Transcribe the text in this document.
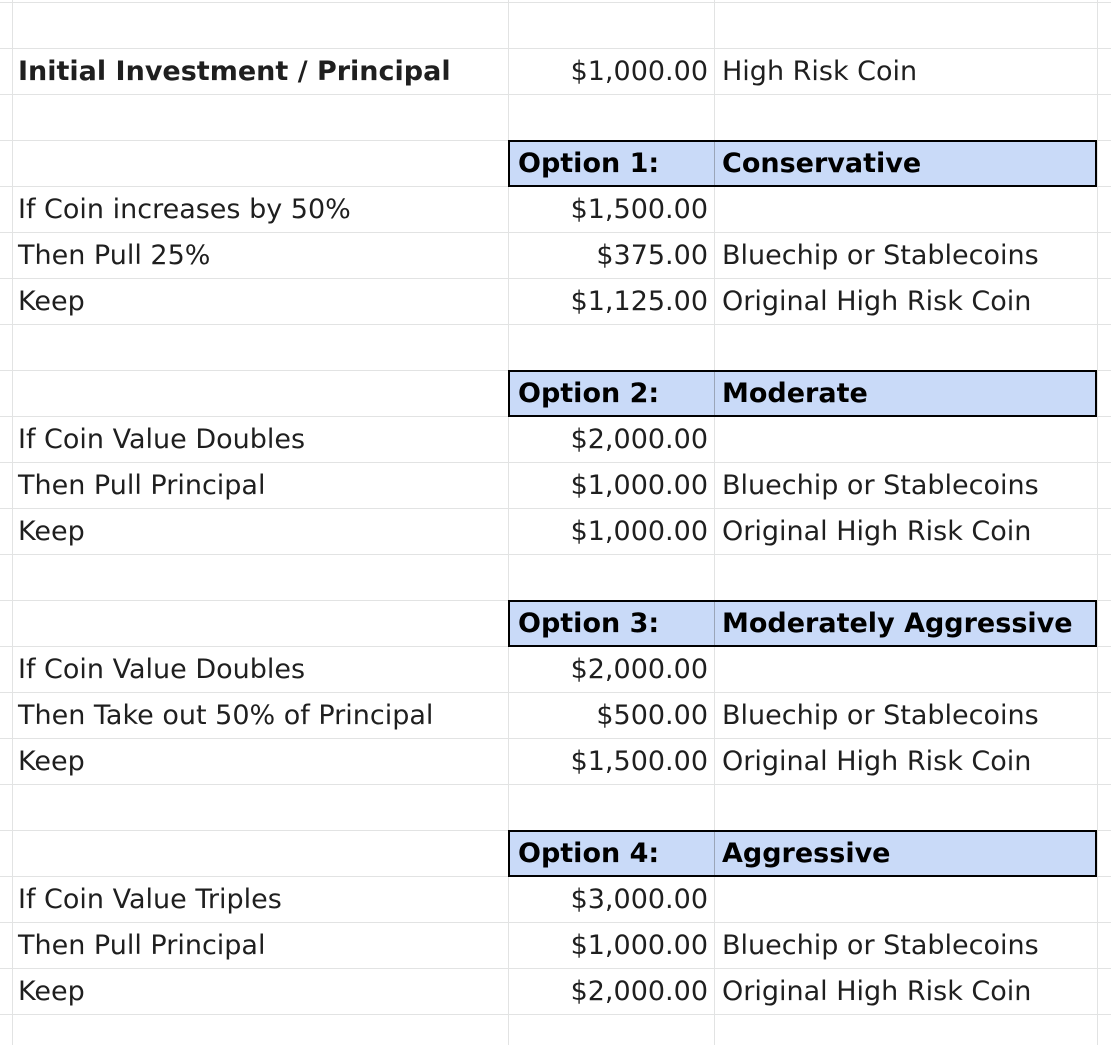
Initial Investment / Principal	$1,000.00 High Risk Coin
Option 1: Conservative
If Coin increases by 50%	$1,500.00
Then Pull 25%	$375.00 Bluechip or Stablecoins
Keep	$1,125.00 Original High Risk Coin
Option 2: Moderate
If Coin Value Doubles	$2,000.00
Then Pull Principal	$1,000.00 Bluechip or Stablecoins
Keep	$1,000.00 Original High Risk Coin
Option 3: Moderately Aggressive
If Coin Value Doubles	$2,000.00
Then Take out 50% of Principal	$500.00 Bluechip or Stablecoins
Keep	$1,500.00 Original High Risk Coin
Option 4: Aggressive
If Coin Value Triples	$3,000.00
Then Pull Principal	$1,000.00 Bluechip or Stablecoins
Keep	$2,000.00 Original High Risk Coin
